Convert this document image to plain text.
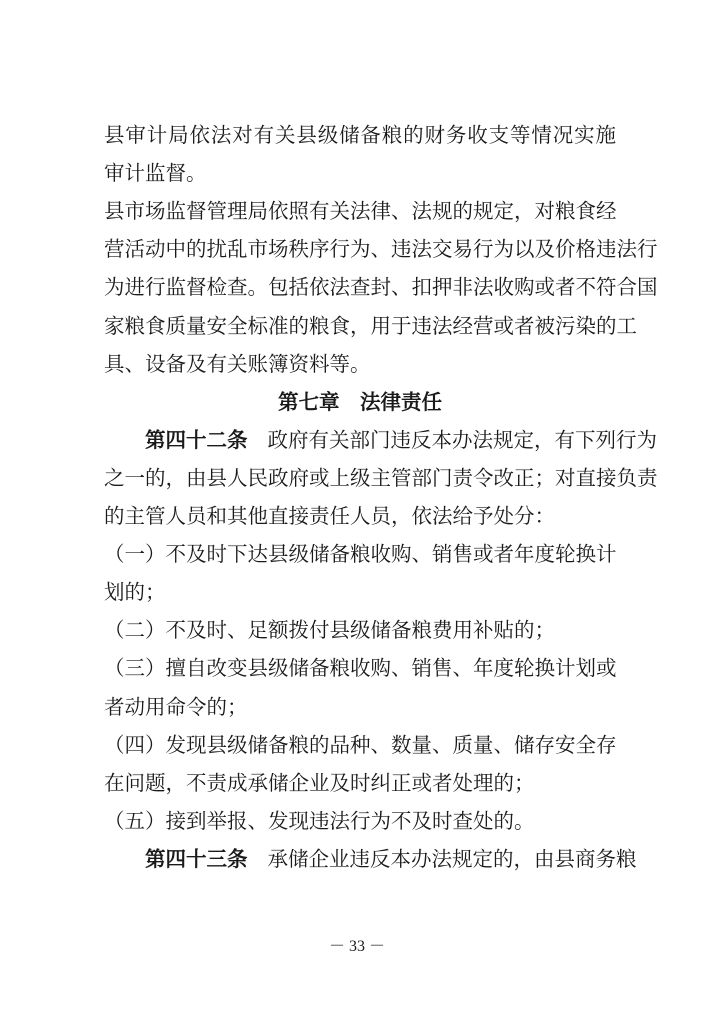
县审计局依法对有关县级储备粮的财务收支等情况实施
审计监督。
县市场监督管理局依照有关法律、法规的规定，对粮食经
营活动中的扰乱市场秩序行为、违法交易行为以及价格违法行
为进行监督检查。包括依法查封、扣押非法收购或者不符合国
家粮食质量安全标准的粮食，用于违法经营或者被污染的工
具、设备及有关账簿资料等。
第七章　法律责任
第四十二条 政府有关部门违反本办法规定，有下列行为
之一的，由县人民政府或上级主管部门责令改正；对直接负责
的主管人员和其他直接责任人员，依法给予处分：
（一）不及时下达县级储备粮收购、销售或者年度轮换计
划的；
（二）不及时、足额拨付县级储备粮费用补贴的；
（三）擅自改变县级储备粮收购、销售、年度轮换计划或
者动用命令的；
（四）发现县级储备粮的品种、数量、质量、储存安全存
在问题，不责成承储企业及时纠正或者处理的；
（五）接到举报、发现违法行为不及时查处的。
第四十三条 承储企业违反本办法规定的，由县商务粮
－ 33 －
